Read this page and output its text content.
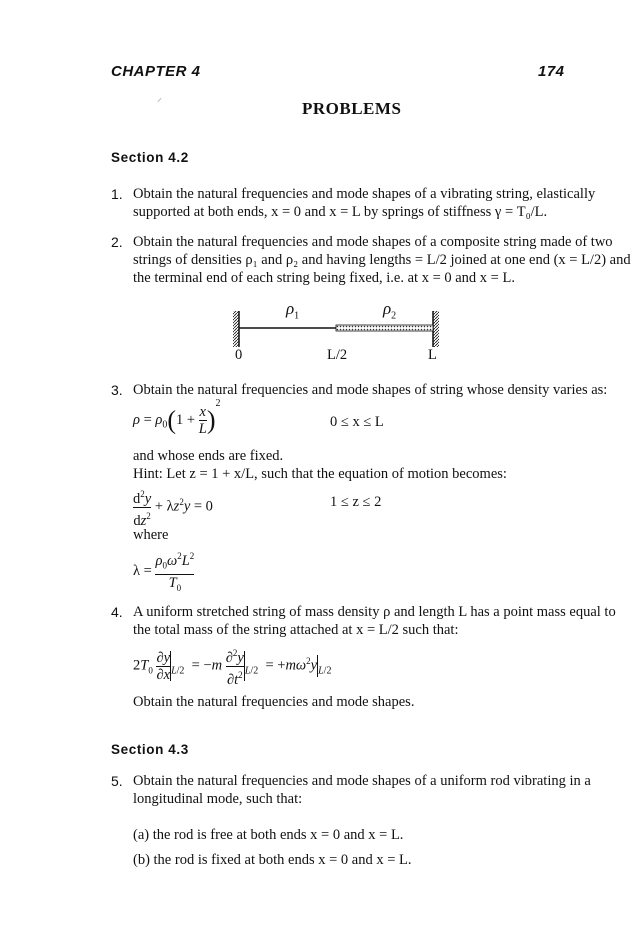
CHAPTER 4	174
⸝
PROBLEMS
Section 4.2
1. Obtain the natural frequencies and mode shapes of a vibrating string, elastically
supported at both ends, x = 0 and x = L by springs of stiffness γ = T₀/L.
2. Obtain the natural frequencies and mode shapes of a composite string made of two
strings of densities ρ₁ and ρ₂ and having lengths = L/2 joined at one end (x = L/2) and
the terminal end of each string being fixed, i.e. at x = 0 and x = L.
$\rho_1$	$\rho_2$
0	L/2	L
3. Obtain the natural frequencies and mode shapes of string whose density varies as:
$\rho = \rho_0(1 + \frac{x}{L} )^2$
0 ≤ x ≤ L
and whose ends are fixed.
Hint: Let z = 1 + x/L, such that the equation of motion becomes:
$\frac{d^2y}{dz^2} + \lambda z^2y = 0$	1 ≤ z ≤ 2
where
$\lambda = \frac{\rho_0\omega^2L^2}{T_0}$
4. A uniform stretched string of mass density ρ and length L has a point mass equal to
the total mass of the string attached at x = L/2 such that:
$2T_0 \frac{\partial y}{\partial x} _{L/2} = -m \frac{\partial^2y}{\partial t^2} _{L/2} = +m\omega^2y_{L/2}$
Obtain the natural frequencies and mode shapes.
Section 4.3
5. Obtain the natural frequencies and mode shapes of a uniform rod vibrating in a
longitudinal mode, such that:
(a) the rod is free at both ends x = 0 and x = L.
(b) the rod is fixed at both ends x = 0 and x = L.
